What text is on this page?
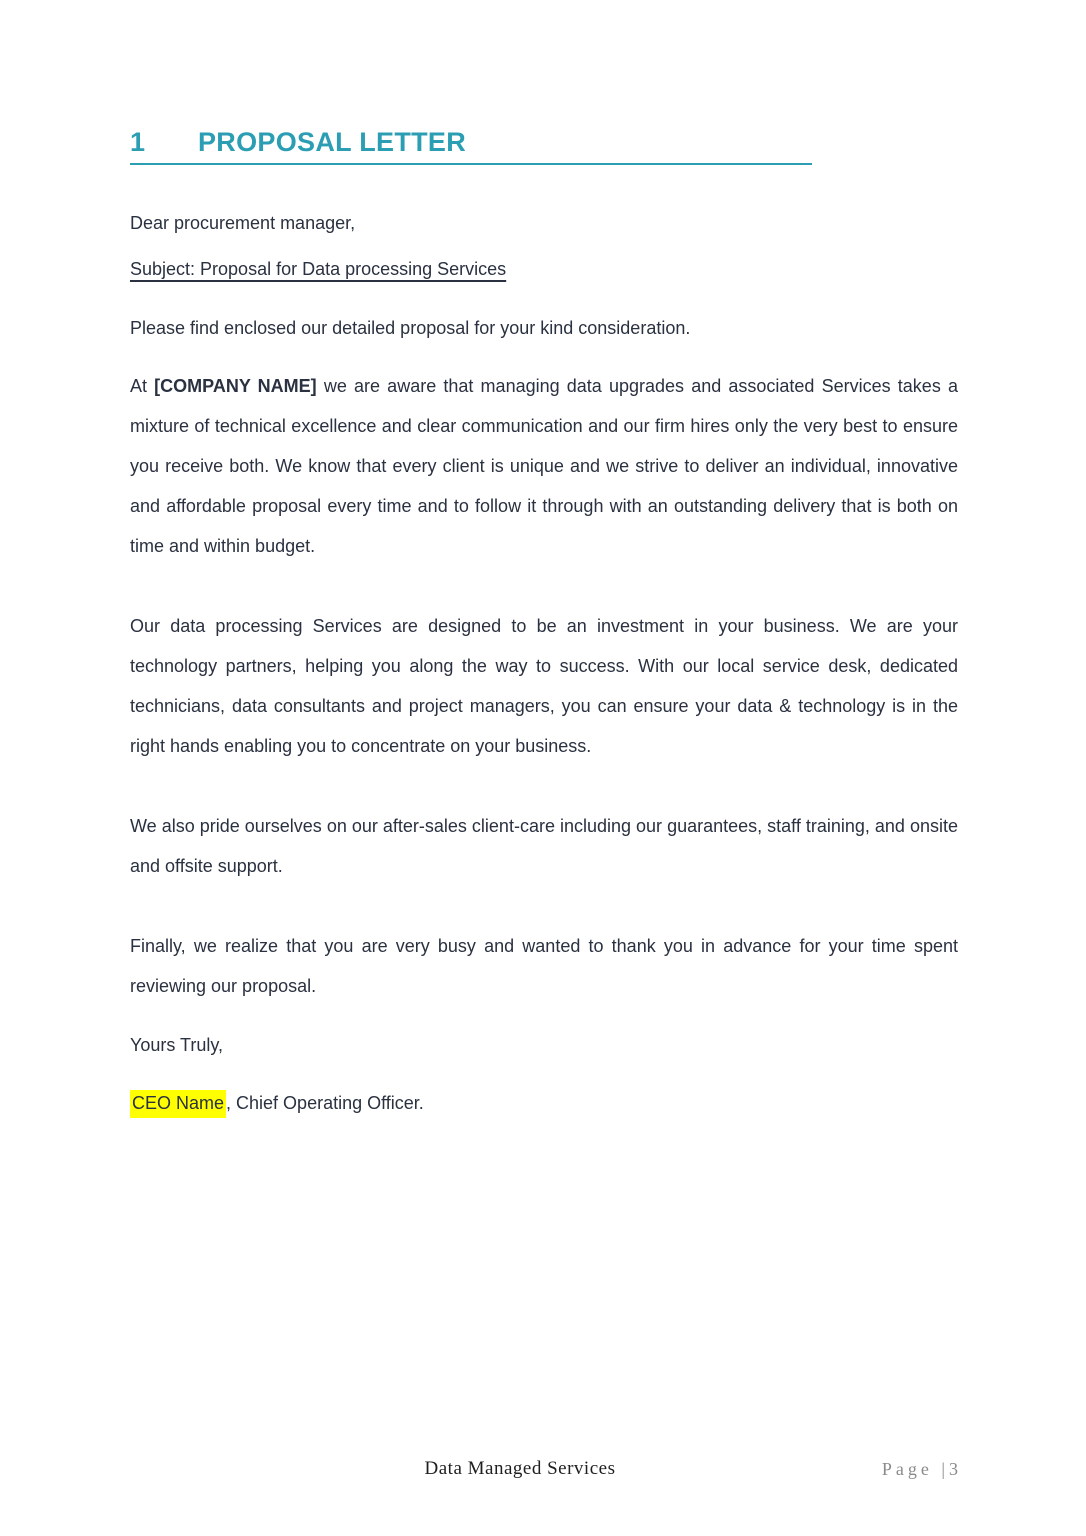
1	PROPOSAL LETTER

Dear procurement manager,

Subject: Proposal for Data processing Services

Please find enclosed our detailed proposal for your kind consideration.

At [COMPANY NAME] we are aware that managing data upgrades and associated Services takes a mixture of technical excellence and clear communication and our firm hires only the very best to ensure you receive both. We know that every client is unique and we strive to deliver an individual, innovative and affordable proposal every time and to follow it through with an outstanding delivery that is both on time and within budget.

Our data processing Services are designed to be an investment in your business. We are your technology partners, helping you along the way to success. With our local service desk, dedicated technicians, data consultants and project managers, you can ensure your data & technology is in the right hands enabling you to concentrate on your business.

We also pride ourselves on our after-sales client-care including our guarantees, staff training, and onsite and offsite support.

Finally, we realize that you are very busy and wanted to thank you in advance for your time spent reviewing our proposal.

Yours Truly,

CEO Name , Chief Operating Officer.

Data Managed Services	Page |3
